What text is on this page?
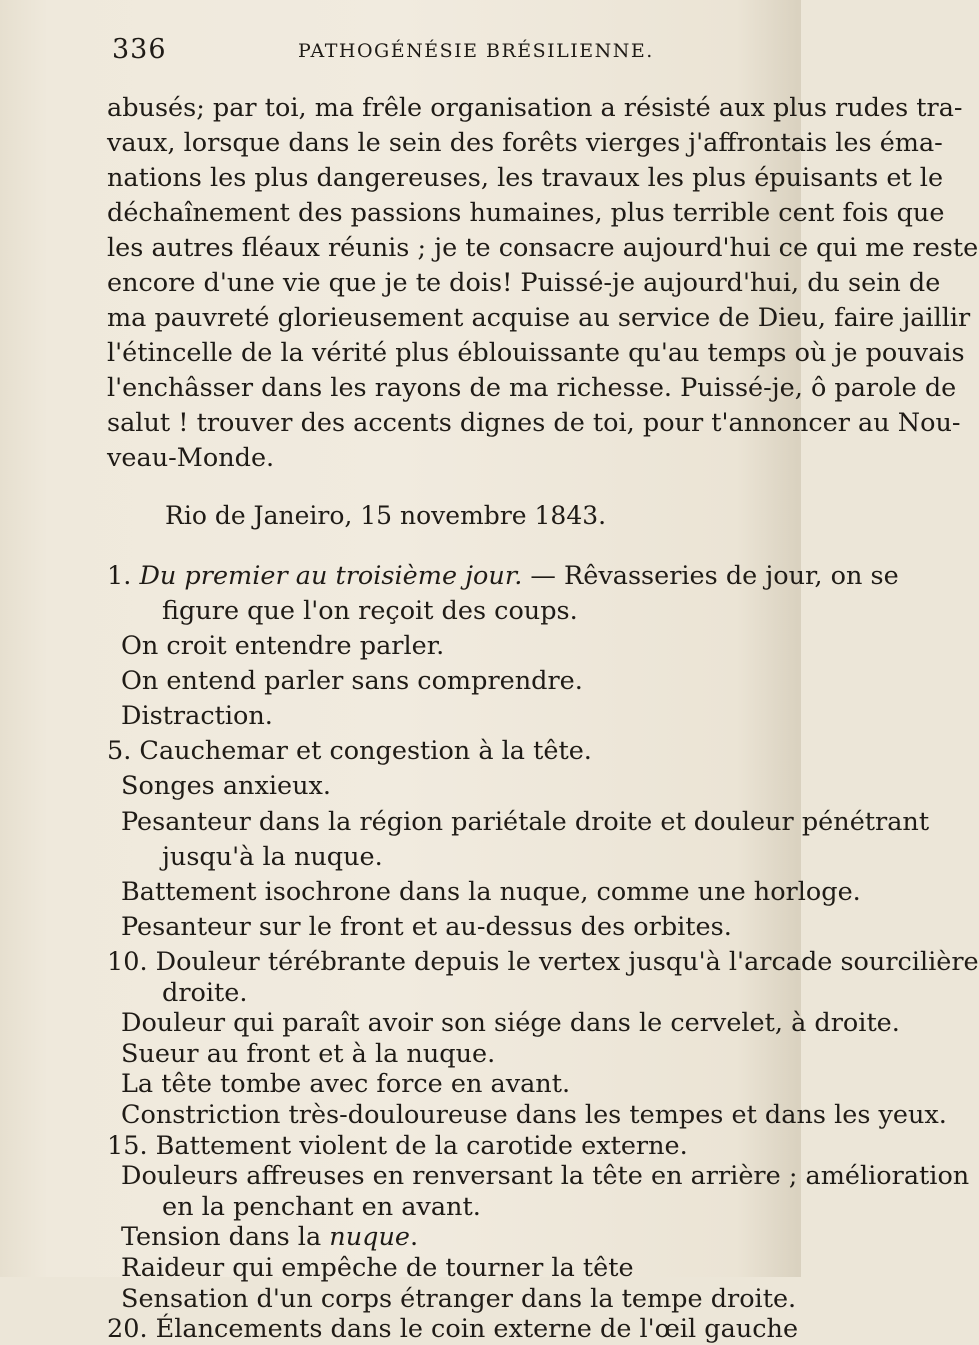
336	PATHOGÉNÉSIE BRÉSILIENNE.
abusés; par toi, ma frêle organisation a résisté aux plus rudes tra-
vaux, lorsque dans le sein des forêts vierges j'affrontais les éma-
nations les plus dangereuses, les travaux les plus épuisants et le
déchaînement des passions humaines, plus terrible cent fois que
les autres fléaux réunis ; je te consacre aujourd'hui ce qui me reste
encore d'une vie que je te dois! Puissé-je aujourd'hui, du sein de
ma pauvreté glorieusement acquise au service de Dieu, faire jaillir
l'étincelle de la vérité plus éblouissante qu'au temps où je pouvais
l'enchâsser dans les rayons de ma richesse. Puissé-je, ô parole de
salut ! trouver des accents dignes de toi, pour t'annoncer au Nou-
veau-Monde.
Rio de Janeiro, 15 novembre 1843.
1. Du premier au troisième jour. — Rêvasseries de jour, on se
figure que l'on reçoit des coups.
On croit entendre parler.
On entend parler sans comprendre.
Distraction.
5. Cauchemar et congestion à la tête.
Songes anxieux.
Pesanteur dans la région pariétale droite et douleur pénétrant
jusqu'à la nuque.
Battement isochrone dans la nuque, comme une horloge.
Pesanteur sur le front et au-dessus des orbites.
10. Douleur térébrante depuis le vertex jusqu'à l'arcade sourcilière
droite.
Douleur qui paraît avoir son siége dans le cervelet, à droite.
Sueur au front et à la nuque.
La tête tombe avec force en avant.
Constriction très-douloureuse dans les tempes et dans les yeux.
15. Battement violent de la carotide externe.
Douleurs affreuses en renversant la tête en arrière ; amélioration
en la penchant en avant.
Tension dans la nuque.
Raideur qui empêche de tourner la tête
Sensation d'un corps étranger dans la tempe droite.
20. Élancements dans le coin externe de l'œil gauche
